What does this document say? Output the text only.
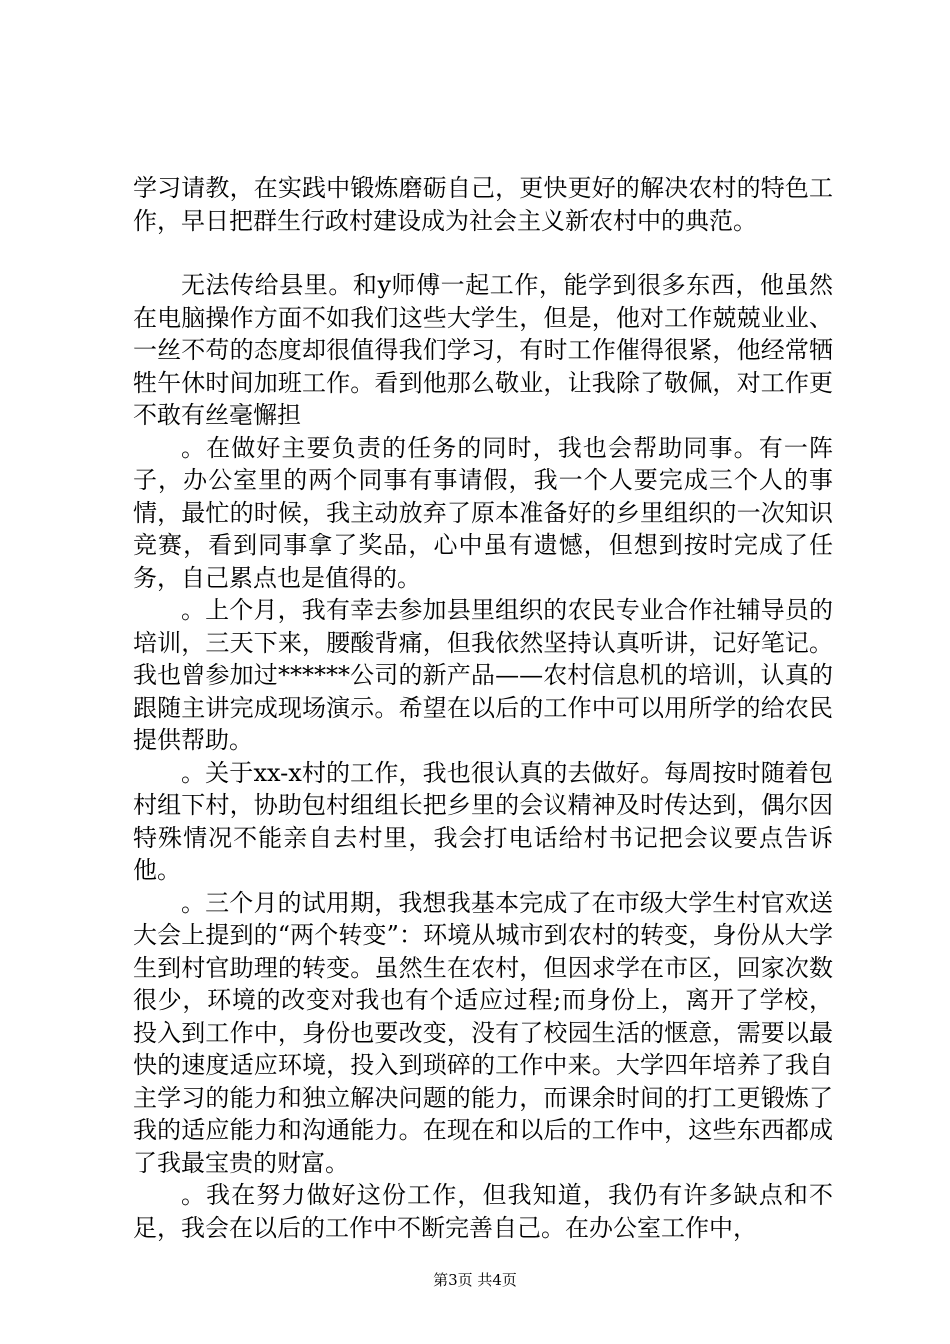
学习请教，在实践中锻炼磨砺自己，更快更好的解决农村的特色工作，早日把群生行政村建设成为社会主义新农村中的典范。

无法传给县里。和y师傅一起工作，能学到很多东西，他虽然在电脑操作方面不如我们这些大学生，但是，他对工作兢兢业业、一丝不苟的态度却很值得我们学习，有时工作催得很紧，他经常牺牲午休时间加班工作。看到他那么敬业，让我除了敬佩，对工作更不敢有丝毫懈担

。在做好主要负责的任务的同时，我也会帮助同事。有一阵子，办公室里的两个同事有事请假，我一个人要完成三个人的事情，最忙的时候，我主动放弃了原本准备好的乡里组织的一次知识竞赛，看到同事拿了奖品，心中虽有遗憾，但想到按时完成了任务，自己累点也是值得的。

。上个月，我有幸去参加县里组织的农民专业合作社辅导员的培训，三天下来，腰酸背痛，但我依然坚持认真听讲，记好笔记。我也曾参加过******公司的新产品——农村信息机的培训，认真的跟随主讲完成现场演示。希望在以后的工作中可以用所学的给农民提供帮助。

。关于xx-x村的工作，我也很认真的去做好。每周按时随着包村组下村，协助包村组组长把乡里的会议精神及时传达到，偶尔因特殊情况不能亲自去村里，我会打电话给村书记把会议要点告诉他。

。三个月的试用期，我想我基本完成了在市级大学生村官欢送大会上提到的“两个转变”：环境从城市到农村的转变，身份从大学生到村官助理的转变。虽然生在农村，但因求学在市区，回家次数很少，环境的改变对我也有个适应过程;而身份上，离开了学校，投入到工作中，身份也要改变，没有了校园生活的惬意，需要以最快的速度适应环境，投入到琐碎的工作中来。大学四年培养了我自主学习的能力和独立解决问题的能力，而课余时间的打工更锻炼了我的适应能力和沟通能力。在现在和以后的工作中，这些东西都成了我最宝贵的财富。

。我在努力做好这份工作，但我知道，我仍有许多缺点和不足，我会在以后的工作中不断完善自己。在办公室工作中，

第3页 共4页
